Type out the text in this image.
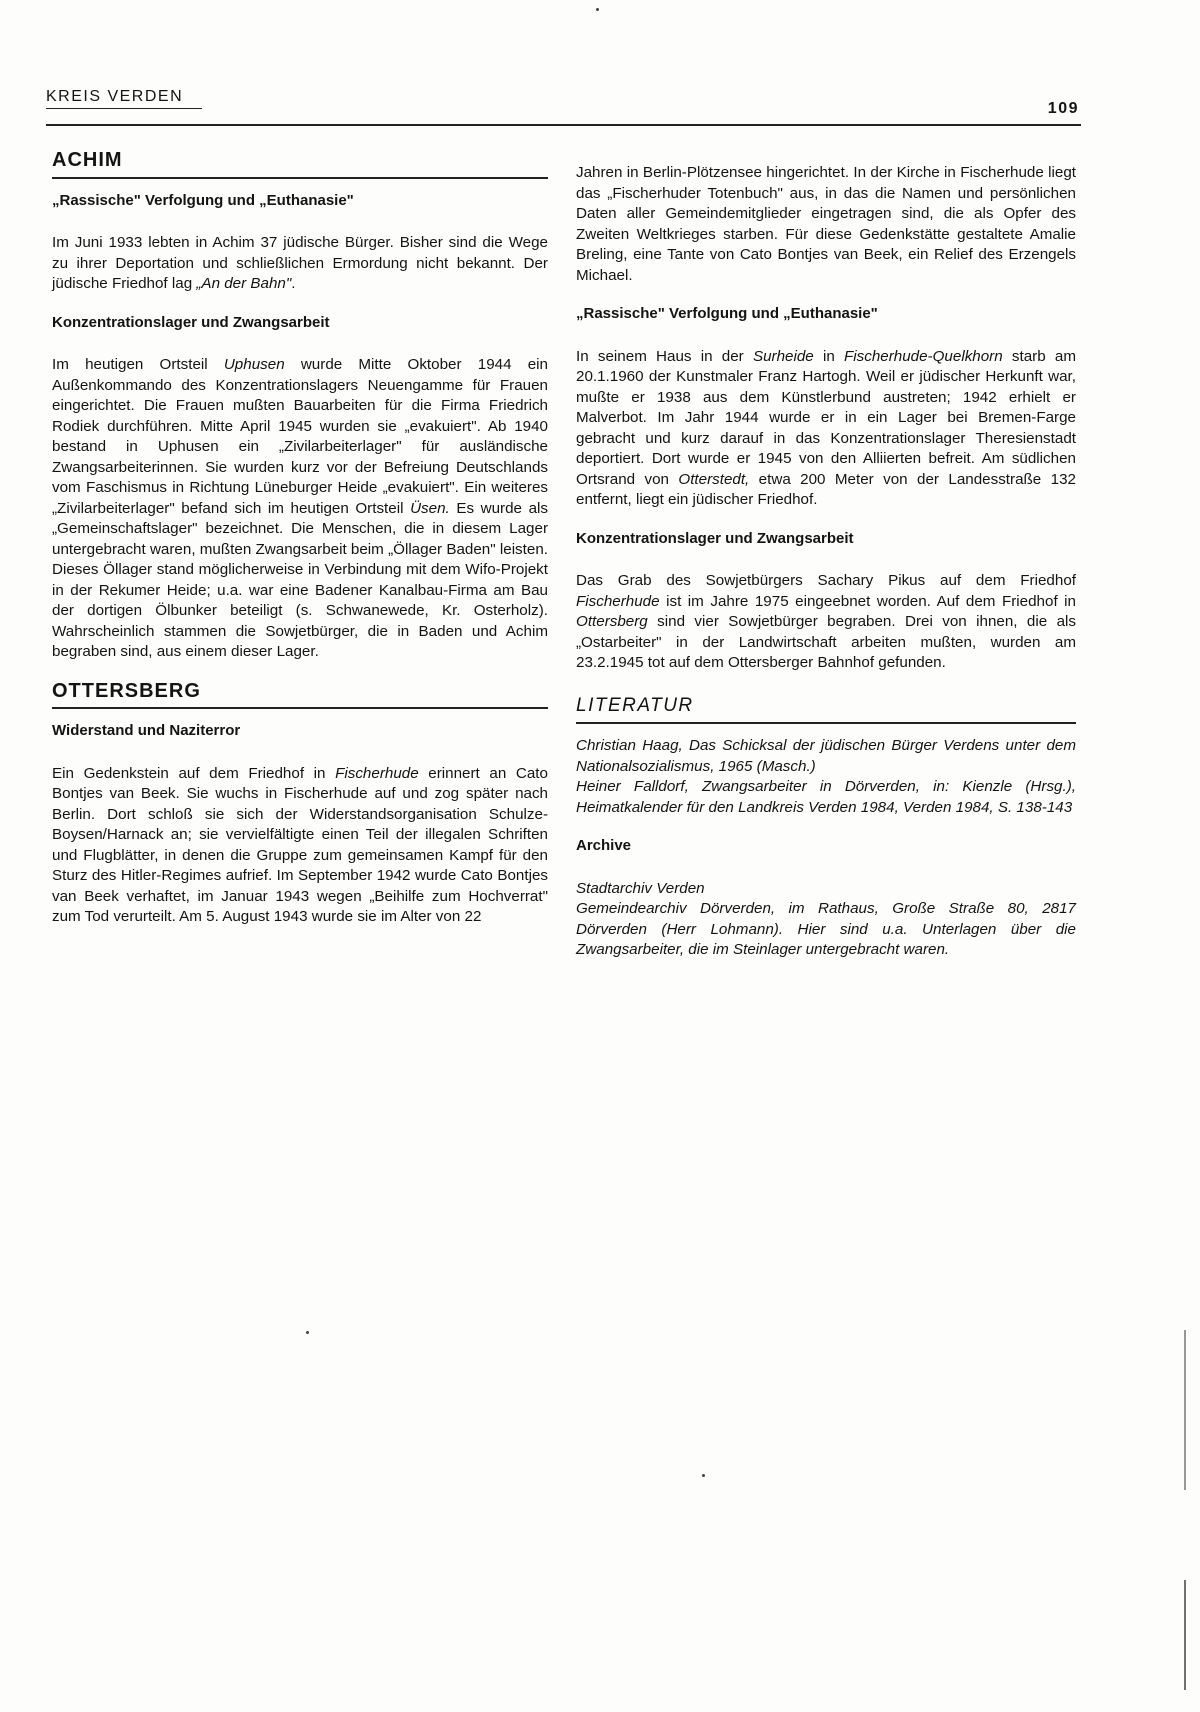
KREIS VERDEN
109
ACHIM
„Rassische" Verfolgung und „Euthanasie"

Im Juni 1933 lebten in Achim 37 jüdische Bürger. Bisher sind die Wege zu ihrer Deportation und schließlichen Ermordung nicht bekannt. Der jüdische Friedhof lag „An der Bahn".

Konzentrationslager und Zwangsarbeit

Im heutigen Ortsteil Uphusen wurde Mitte Oktober 1944 ein Außenkommando des Konzentrationslagers Neuengamme für Frauen eingerichtet. Die Frauen mußten Bauarbeiten für die Firma Friedrich Rodiek durchführen. Mitte April 1945 wurden sie „evakuiert". Ab 1940 bestand in Uphusen ein „Zivilarbeiterlager" für ausländische Zwangsarbeiterinnen. Sie wurden kurz vor der Befreiung Deutschlands vom Faschismus in Richtung Lüneburger Heide „evakuiert". Ein weiteres „Zivilarbeiterlager" befand sich im heutigen Ortsteil Üsen. Es wurde als „Gemeinschaftslager" bezeichnet. Die Menschen, die in diesem Lager untergebracht waren, mußten Zwangsarbeit beim „Öllager Baden" leisten. Dieses Öllager stand möglicherweise in Verbindung mit dem Wifo-Projekt in der Rekumer Heide; u.a. war eine Badener Kanalbau-Firma am Bau der dortigen Ölbunker beteiligt (s. Schwanewede, Kr. Osterholz). Wahrscheinlich stammen die Sowjetbürger, die in Baden und Achim begraben sind, aus einem dieser Lager.

OTTERSBERG
Widerstand und Naziterror

Ein Gedenkstein auf dem Friedhof in Fischerhude erinnert an Cato Bontjes van Beek. Sie wuchs in Fischerhude auf und zog später nach Berlin. Dort schloß sie sich der Widerstandsorganisation Schulze-Boysen/Harnack an; sie vervielfältigte einen Teil der illegalen Schriften und Flugblätter, in denen die Gruppe zum gemeinsamen Kampf für den Sturz des Hitler-Regimes aufrief. Im September 1942 wurde Cato Bontjes van Beek verhaftet, im Januar 1943 wegen „Beihilfe zum Hochverrat" zum Tod verurteilt. Am 5. August 1943 wurde sie im Alter von 22

Jahren in Berlin-Plötzensee hingerichtet. In der Kirche in Fischerhude liegt das „Fischerhuder Totenbuch" aus, in das die Namen und persönlichen Daten aller Gemeindemitglieder eingetragen sind, die als Opfer des Zweiten Weltkrieges starben. Für diese Gedenkstätte gestaltete Amalie Breling, eine Tante von Cato Bontjes van Beek, ein Relief des Erzengels Michael.

„Rassische" Verfolgung und „Euthanasie"

In seinem Haus in der Surheide in Fischerhude-Quelkhorn starb am 20.1.1960 der Kunstmaler Franz Hartogh. Weil er jüdischer Herkunft war, mußte er 1938 aus dem Künstlerbund austreten; 1942 erhielt er Malverbot. Im Jahr 1944 wurde er in ein Lager bei Bremen-Farge gebracht und kurz darauf in das Konzentrationslager Theresienstadt deportiert. Dort wurde er 1945 von den Alliierten befreit. Am südlichen Ortsrand von Otterstedt, etwa 200 Meter von der Landesstraße 132 entfernt, liegt ein jüdischer Friedhof.

Konzentrationslager und Zwangsarbeit

Das Grab des Sowjetbürgers Sachary Pikus auf dem Friedhof Fischerhude ist im Jahre 1975 eingeebnet worden. Auf dem Friedhof in Ottersberg sind vier Sowjetbürger begraben. Drei von ihnen, die als „Ostarbeiter" in der Landwirtschaft arbeiten mußten, wurden am 23.2.1945 tot auf dem Ottersberger Bahnhof gefunden.

LITERATUR

Christian Haag, Das Schicksal der jüdischen Bürger Verdens unter dem Nationalsozialismus, 1965 (Masch.)

Heiner Falldorf, Zwangsarbeiter in Dörverden, in: Kienzle (Hrsg.), Heimatkalender für den Landkreis Verden 1984, Verden 1984, S. 138-143

Archive

Stadtarchiv Verden

Gemeindearchiv Dörverden, im Rathaus, Große Straße 80, 2817 Dörverden (Herr Lohmann). Hier sind u.a. Unterlagen über die Zwangsarbeiter, die im Steinlager untergebracht waren.
